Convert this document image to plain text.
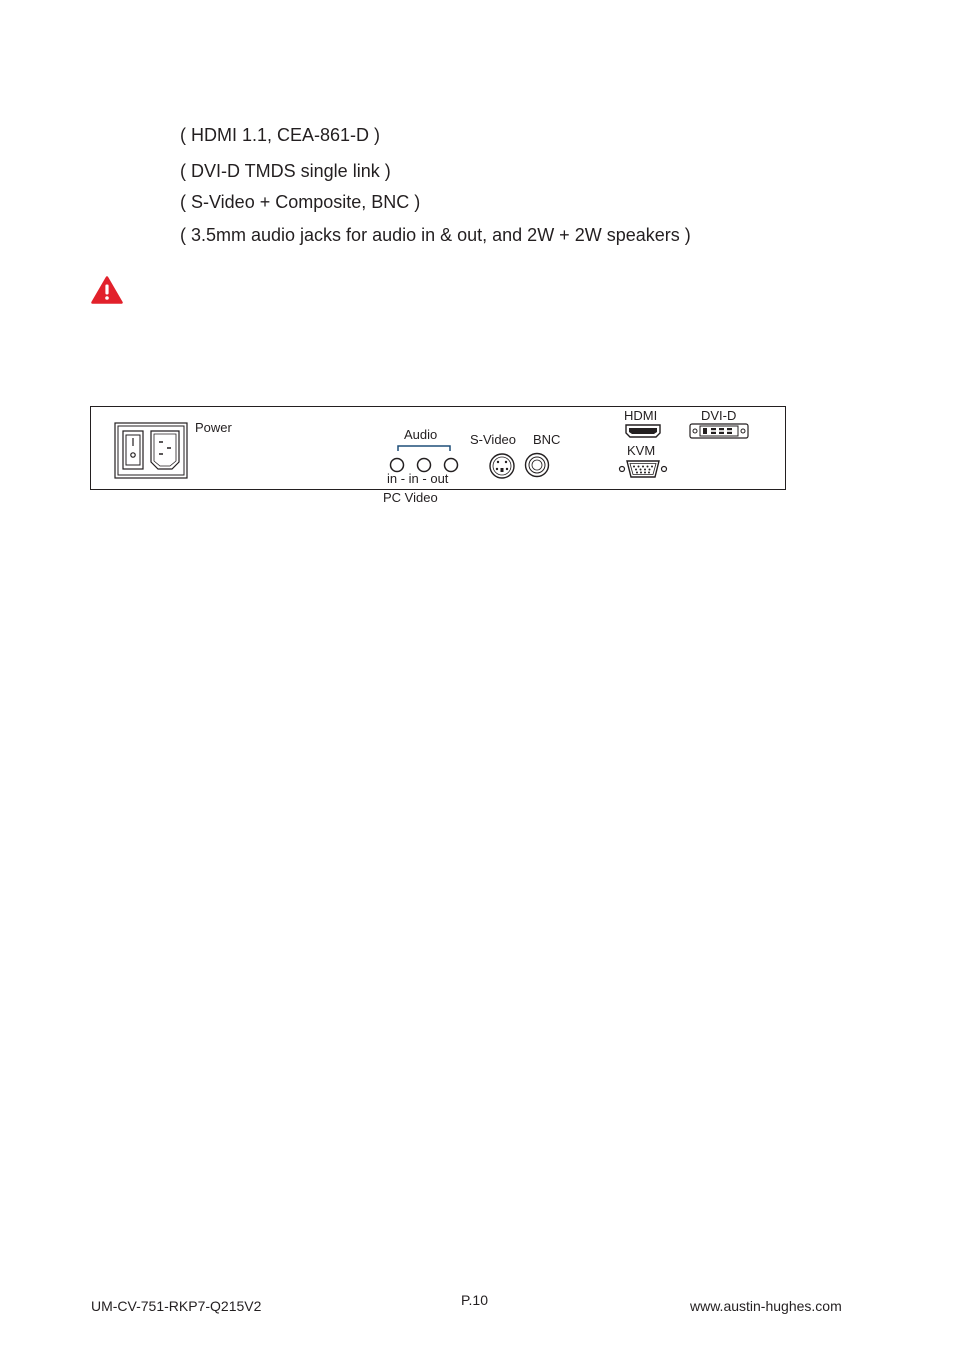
( HDMI 1.1, CEA-861-D )
( DVI-D TMDS single link )
( S-Video + Composite, BNC )
( 3.5mm audio jacks for audio in & out, and 2W + 2W speakers )
Power	Audio
in - in - out
S-Video BNC
HDMI	DVI-D
KVM
PC Video
UM-CV-751-RKP7-Q215V2	P.10	www.austin-hughes.com
